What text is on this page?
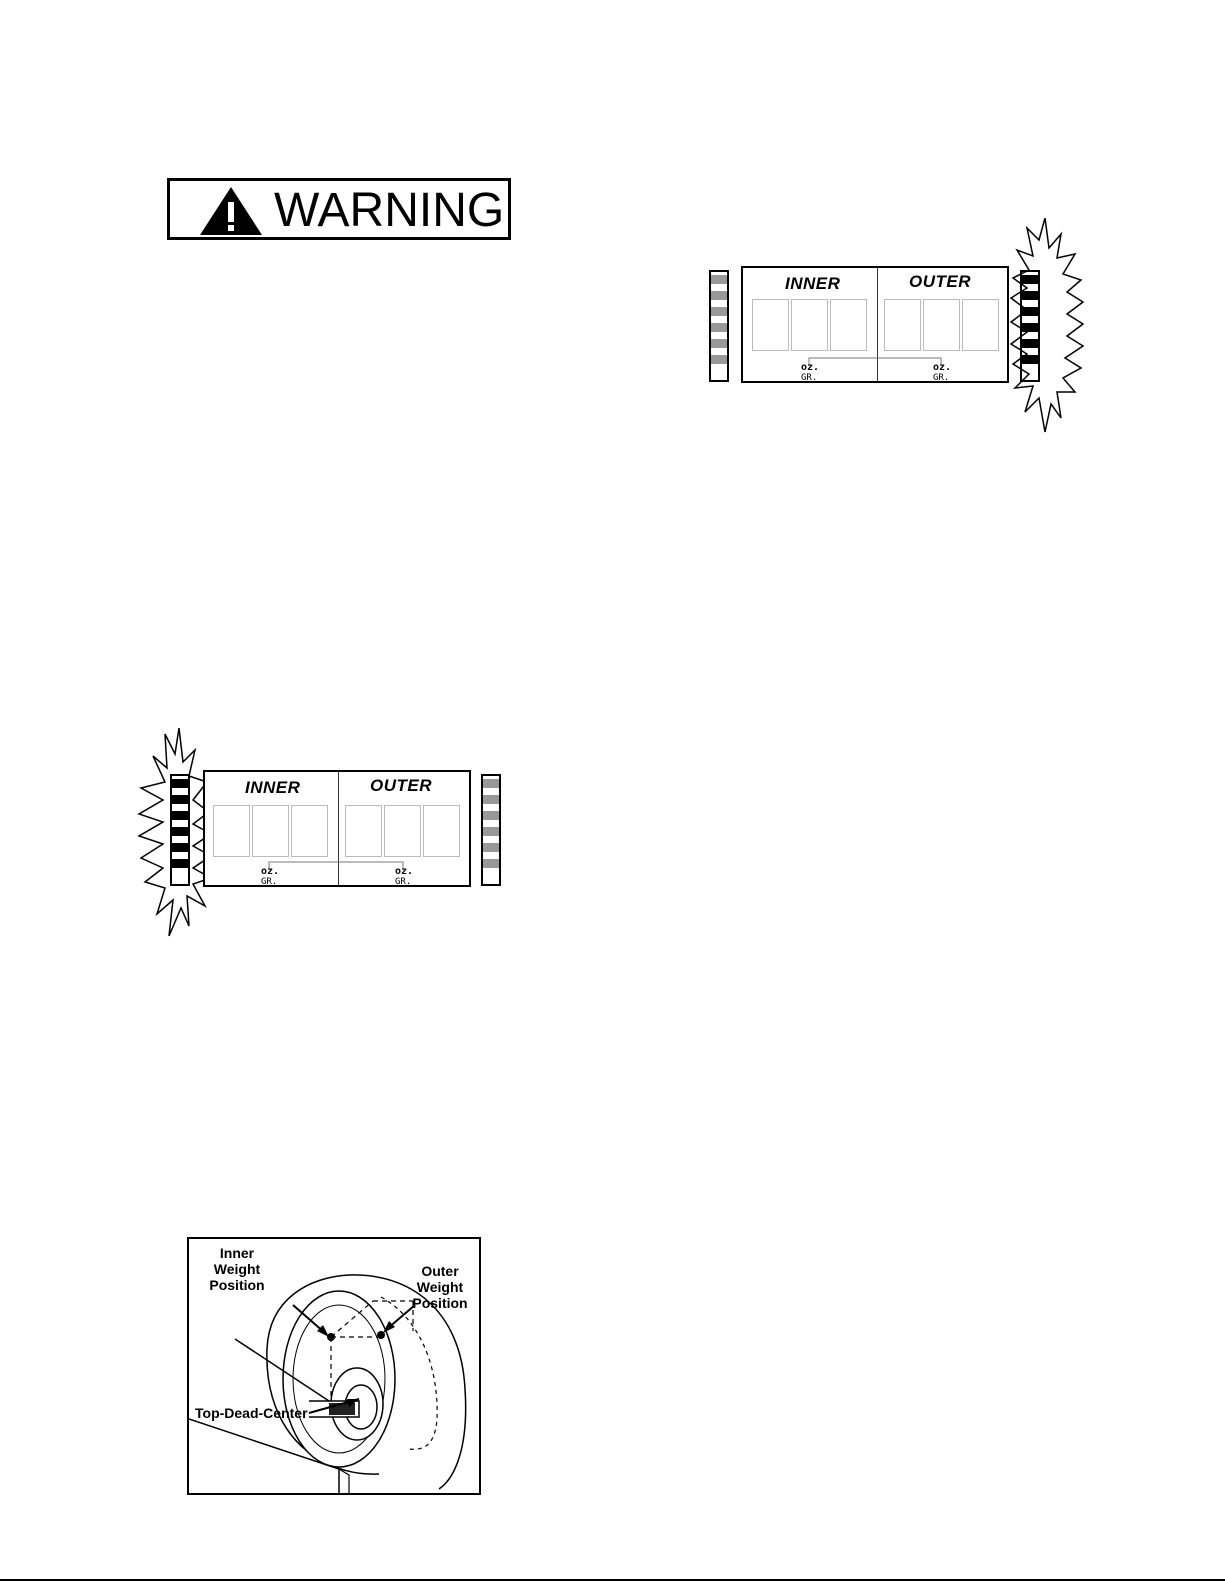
WARNING
INNER	OUTER
oz.
GR.
oz.
GR.
INNER	OUTER
oz.
GR.
oz.
GR.
Inner
Weight
Position
Outer
Weight
Position
Top-Dead-Center
